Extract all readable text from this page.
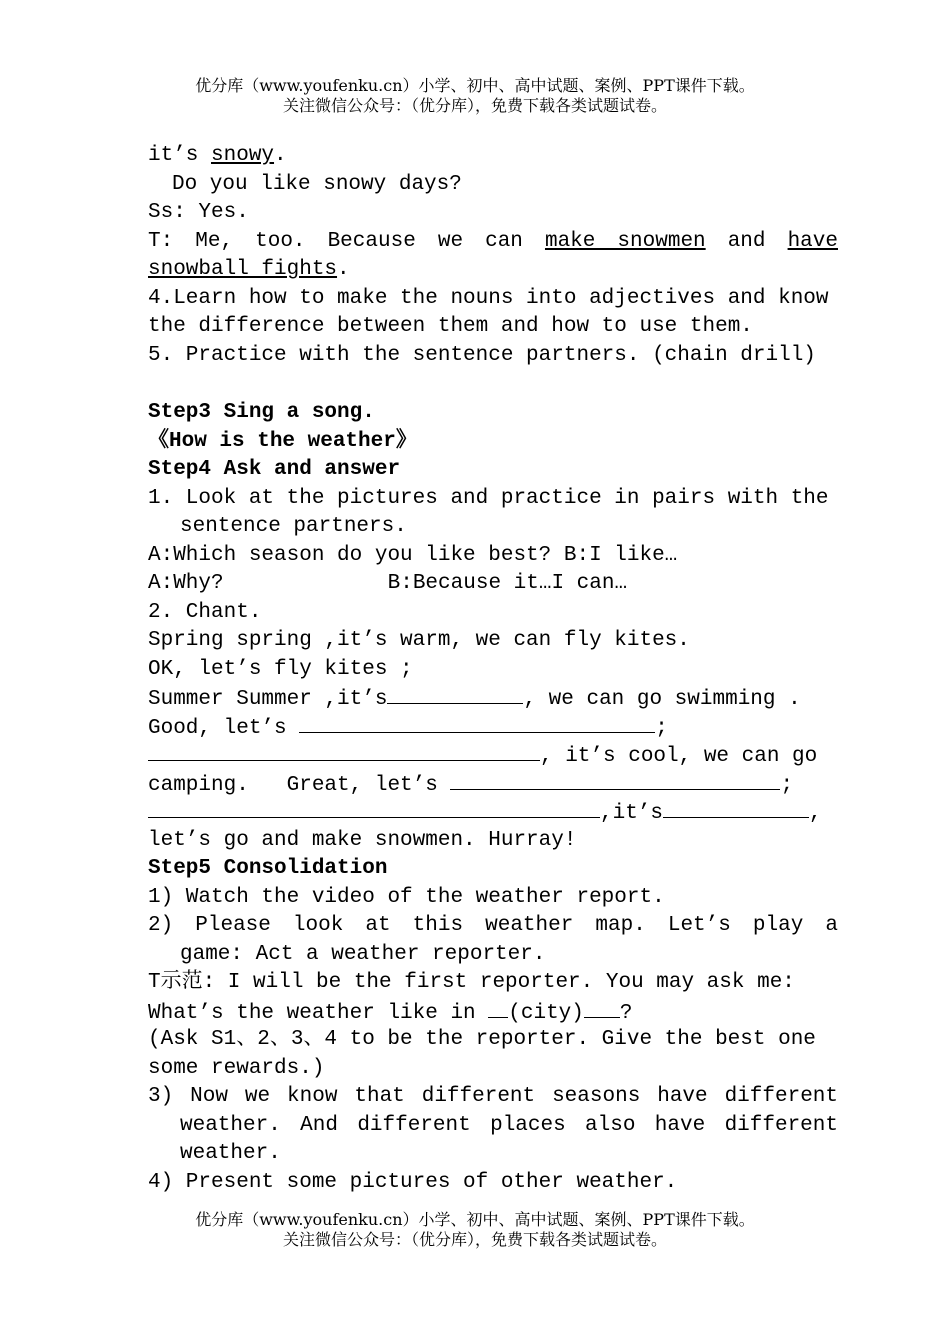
优分库（www.youfenku.cn）小学、初中、高中试题、案例、PPT课件下载。
关注微信公众号：（优分库），免费下载各类试题试卷。
it’s snowy.
Do you like snowy days?
Ss: Yes.
T: Me, too. Because we can make snowmen and have
snowball fights.
4.Learn how to make the nouns into adjectives and know
the difference between them and how to use them.
5. Practice with the sentence partners. (chain drill)
Step3 Sing a song.
《How is the weather》
Step4 Ask and answer
1. Look at the pictures and practice in pairs with the
sentence partners.
A:Which season do you like best? B:I like…
A:Why?	B:Because it…I can…
2. Chant.
Spring spring ,it’s warm, we can fly kites.
OK, let’s fly kites ;
Summer Summer ,it’s	, we can go swimming .
Good, let’s	;
, it’s cool, we can go
camping.   Great, let’s	;
,it’s	,
let’s go and make snowmen. Hurray!
Step5 Consolidation
1) Watch the video of the weather report.
2) Please look at this weather map. Let’s play a
game: Act a weather reporter.
T示范: I will be the first reporter. You may ask me:
What’s the weather like in (city) ?
(Ask S1、2、3、4 to be the reporter. Give the best one
some rewards.)
3) Now we know that different seasons have different
weather. And different places also have different
weather.
4) Present some pictures of other weather.
优分库（www.youfenku.cn）小学、初中、高中试题、案例、PPT课件下载。
关注微信公众号：（优分库），免费下载各类试题试卷。
